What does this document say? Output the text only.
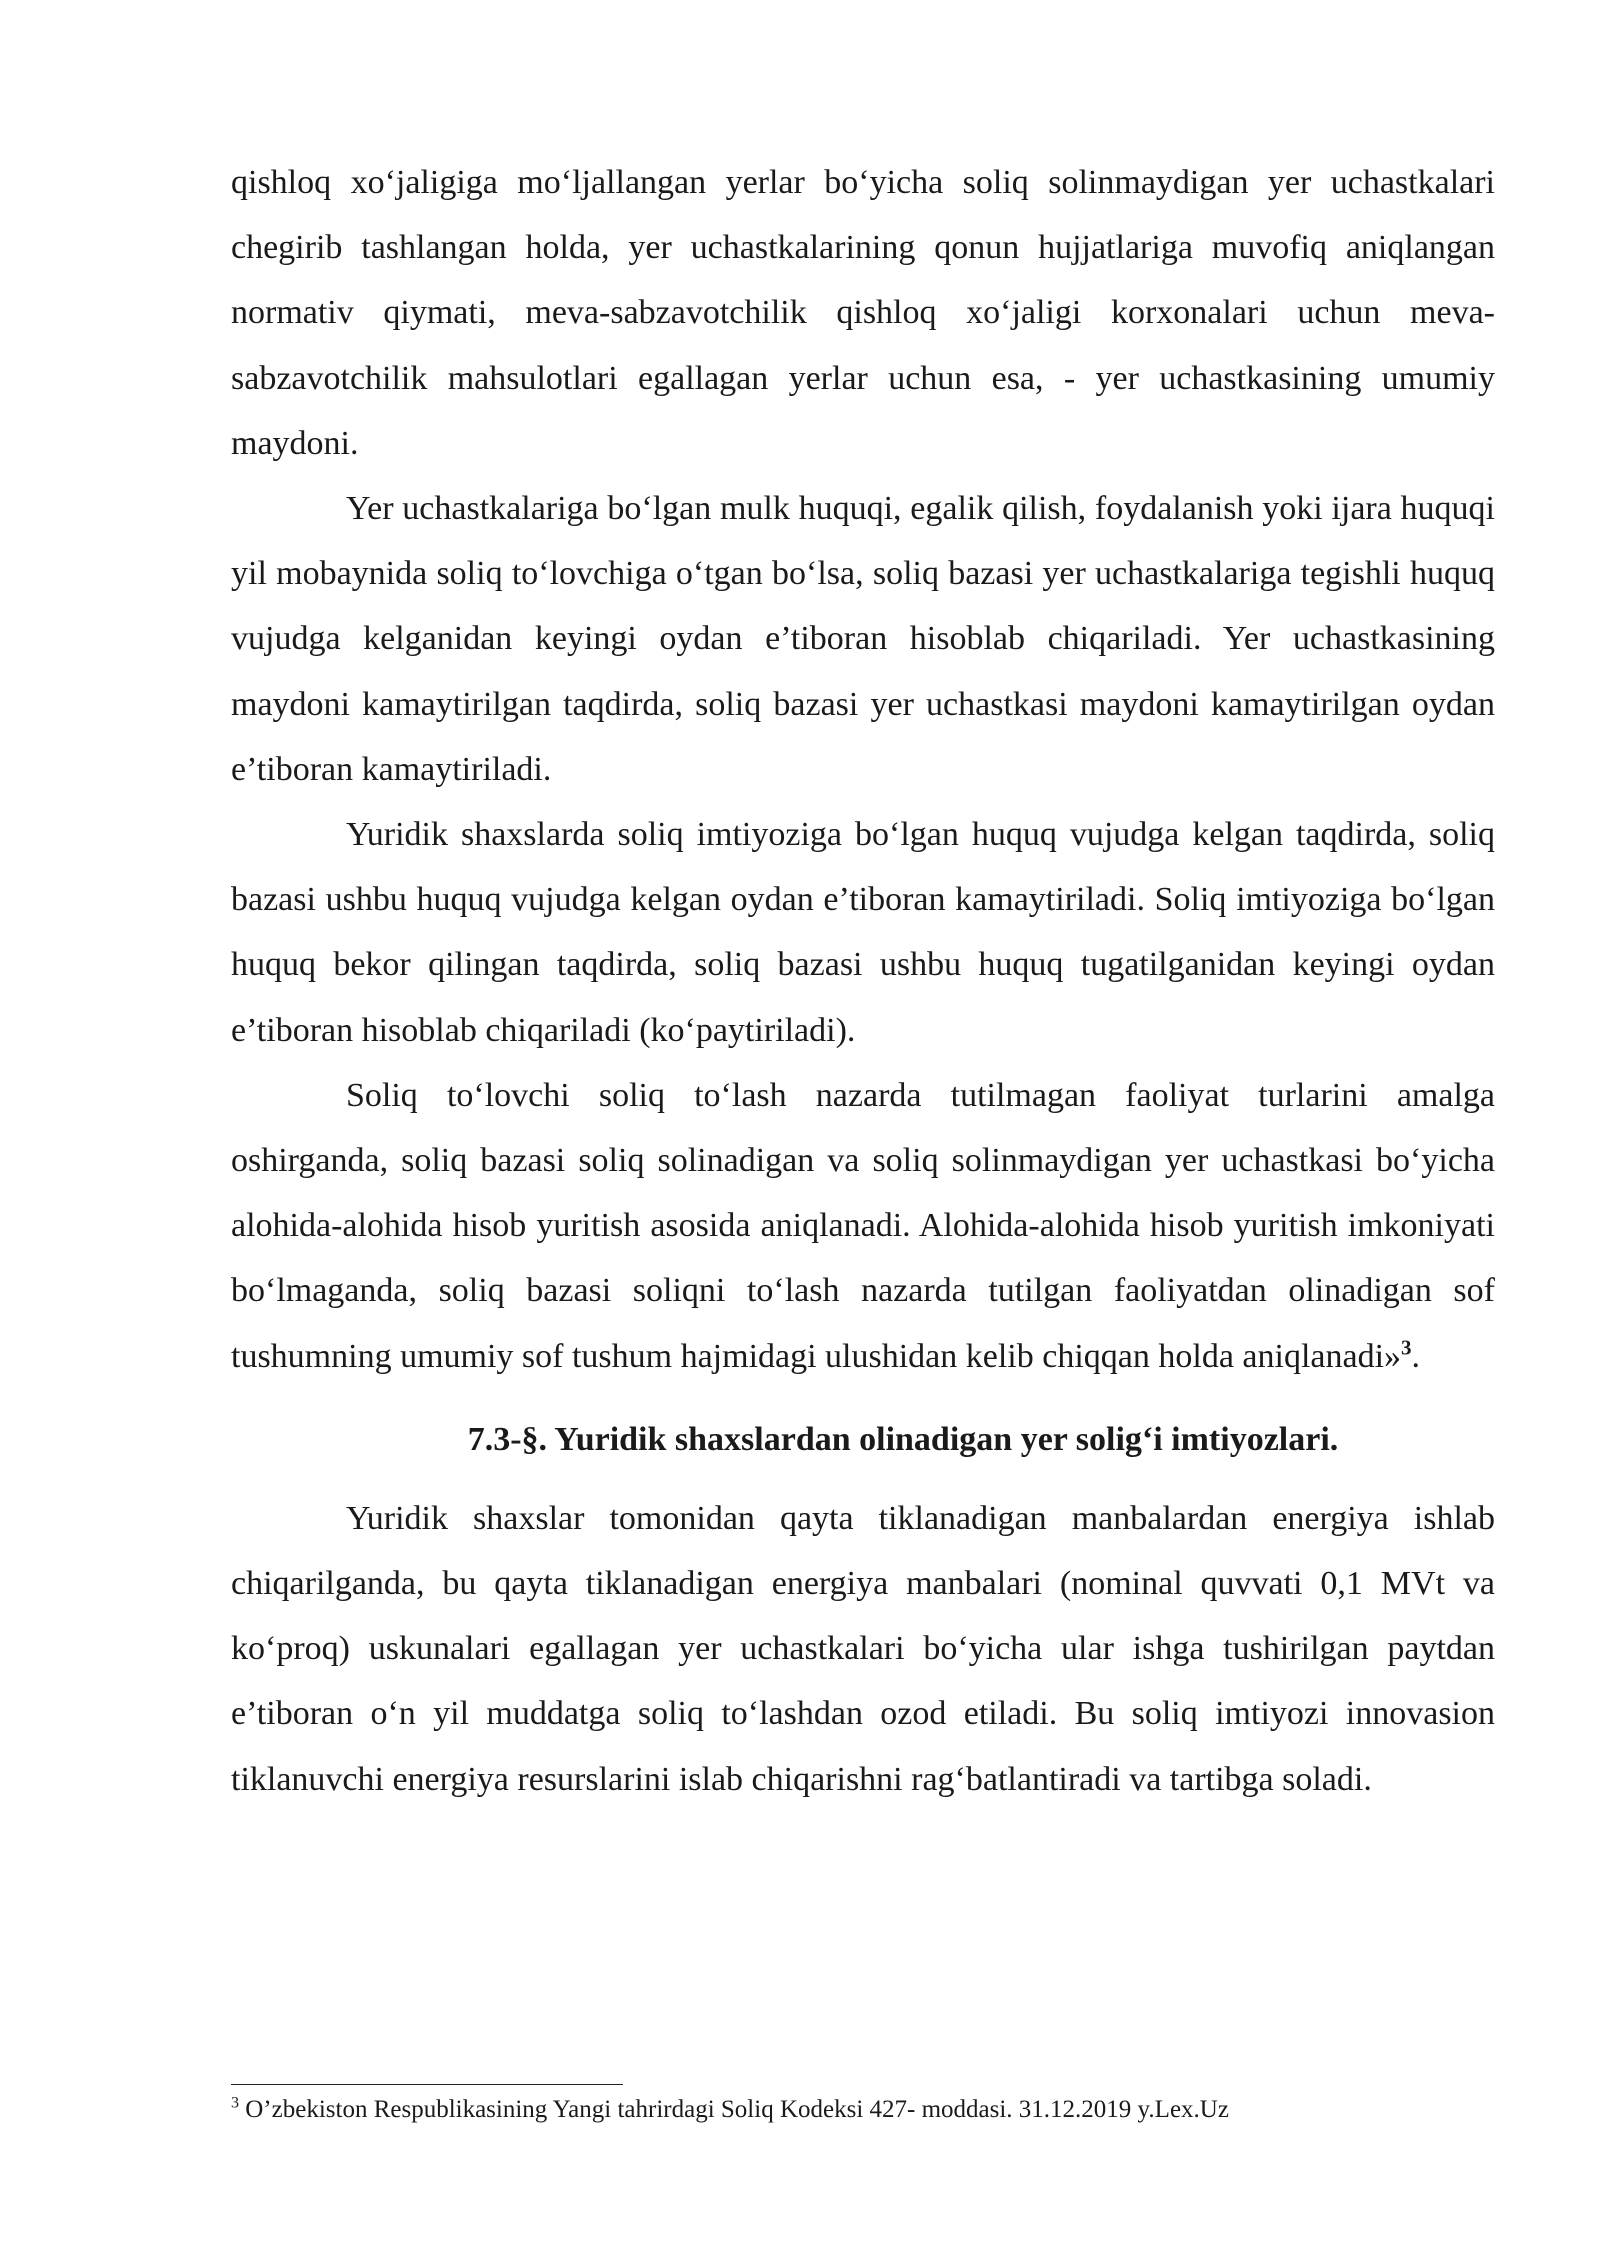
qishloq xo‘jaligiga mo‘ljallangan yerlar bo‘yicha soliq solinmaydigan yer uchastkalari chegirib tashlangan holda, yer uchastkalarining qonun hujjatlariga muvofiq aniqlangan normativ qiymati, meva-sabzavotchilik qishloq xo‘jaligi korxonalari uchun meva-sabzavotchilik mahsulotlari egallagan yerlar uchun esa, - yer uchastkasining umumiy maydoni.

Yer uchastkalariga bo‘lgan mulk huquqi, egalik qilish, foydalanish yoki ijara huquqi yil mobaynida soliq to‘lovchiga o‘tgan bo‘lsa, soliq bazasi yer uchastkalariga tegishli huquq vujudga kelganidan keyingi oydan e’tiboran hisoblab chiqariladi. Yer uchastkasining maydoni kamaytirilgan taqdirda, soliq bazasi yer uchastkasi maydoni kamaytirilgan oydan e’tiboran kamaytiriladi.

Yuridik shaxslarda soliq imtiyoziga bo‘lgan huquq vujudga kelgan taqdirda, soliq bazasi ushbu huquq vujudga kelgan oydan e’tiboran kamaytiriladi. Soliq imtiyoziga bo‘lgan huquq bekor qilingan taqdirda, soliq bazasi ushbu huquq tugatilganidan keyingi oydan e’tiboran hisoblab chiqariladi (ko‘paytiriladi).

Soliq to‘lovchi soliq to‘lash nazarda tutilmagan faoliyat turlarini amalga oshirganda, soliq bazasi soliq solinadigan va soliq solinmaydigan yer uchastkasi bo‘yicha alohida-alohida hisob yuritish asosida aniqlanadi. Alohida-alohida hisob yuritish imkoniyati bo‘lmaganda, soliq bazasi soliqni to‘lash nazarda tutilgan faoliyatdan olinadigan sof tushumning umumiy sof tushum hajmidagi ulushidan kelib chiqqan holda aniqlanadi»$^3$.

7.3-§. Yuridik shaxslardan olinadigan yer solig‘i imtiyozlari.

Yuridik shaxslar tomonidan qayta tiklanadigan manbalardan energiya ishlab chiqarilganda, bu qayta tiklanadigan energiya manbalari (nominal quvvati 0,1 MVt va ko‘proq) uskunalari egallagan yer uchastkalari bo‘yicha ular ishga tushirilgan paytdan e’tiboran o‘n yil muddatga soliq to‘lashdan ozod etiladi. Bu soliq imtiyozi innovasion tiklanuvchi energiya resurslarini islab chiqarishni rag‘batlantiradi va tartibga soladi.

$^3$ O’zbekiston Respublikasining Yangi tahrirdagi Soliq Kodeksi 427- moddasi. 31.12.2019 y.Lex.Uz
